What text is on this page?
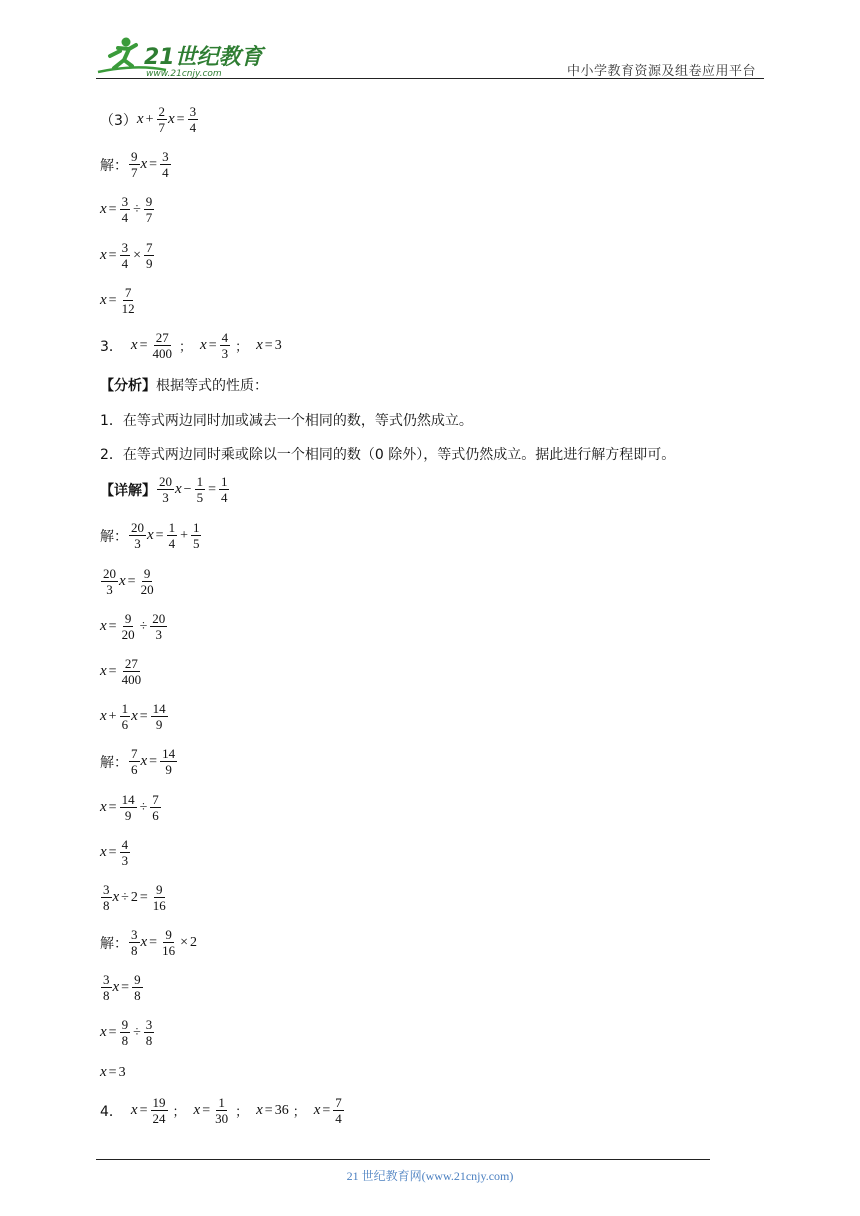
21世纪教育
www.21cnjy.com	中小学教育资源及组卷应用平台
（3） $x + \frac{2}{7}$ $x = \frac{3}{4}$
解： $\frac{9}{7}$ $x = \frac{3}{4}$
$x = \frac{3}{4} \div \frac{9}{7}$
$x = \frac{3}{4} \times \frac{7}{9}$
$x = \frac{7}{12}$
3． $x = \frac{27}{400}$ ； $x = \frac{4}{3}$ ； x = 3
【分析】 根据等式的性质：
1．在等式两边同时加或减去一个相同的数，等式仍然成立。
2．在等式两边同时乘或除以一个相同的数（0 除外），等式仍然成立。据此进行解方程即可。
【详解】 $\frac{20}{3}$ $x - \frac{1}{5} = \frac{1}{4}$
解： $\frac{20}{3}$ $x = \frac{1}{4} + \frac{1}{5}$
$\frac{20}{3}$ $x = \frac{9}{20}$
$x = \frac{9}{20} \div \frac{20}{3}$
$x = \frac{27}{400}$
$x + \frac{1}{6}$ $x = \frac{14}{9}$
解： $\frac{7}{6}$ $x = \frac{14}{9}$
$x = \frac{14}{9} \div \frac{7}{6}$
$x = \frac{4}{3}$
$\frac{3}{8}$ $x \div 2 = \frac{9}{16}$
解： $\frac{3}{8}$ $x = \frac{9}{16} \times 2$
$\frac{3}{8}$ $x = \frac{9}{8}$
$x = \frac{9}{8} \div \frac{3}{8}$
x = 3
4． $x = \frac{19}{24}$ ； $x = \frac{1}{30}$ ； x = 36 ； $x = \frac{7}{4}$
21 世纪教育网(www.21cnjy.com)
